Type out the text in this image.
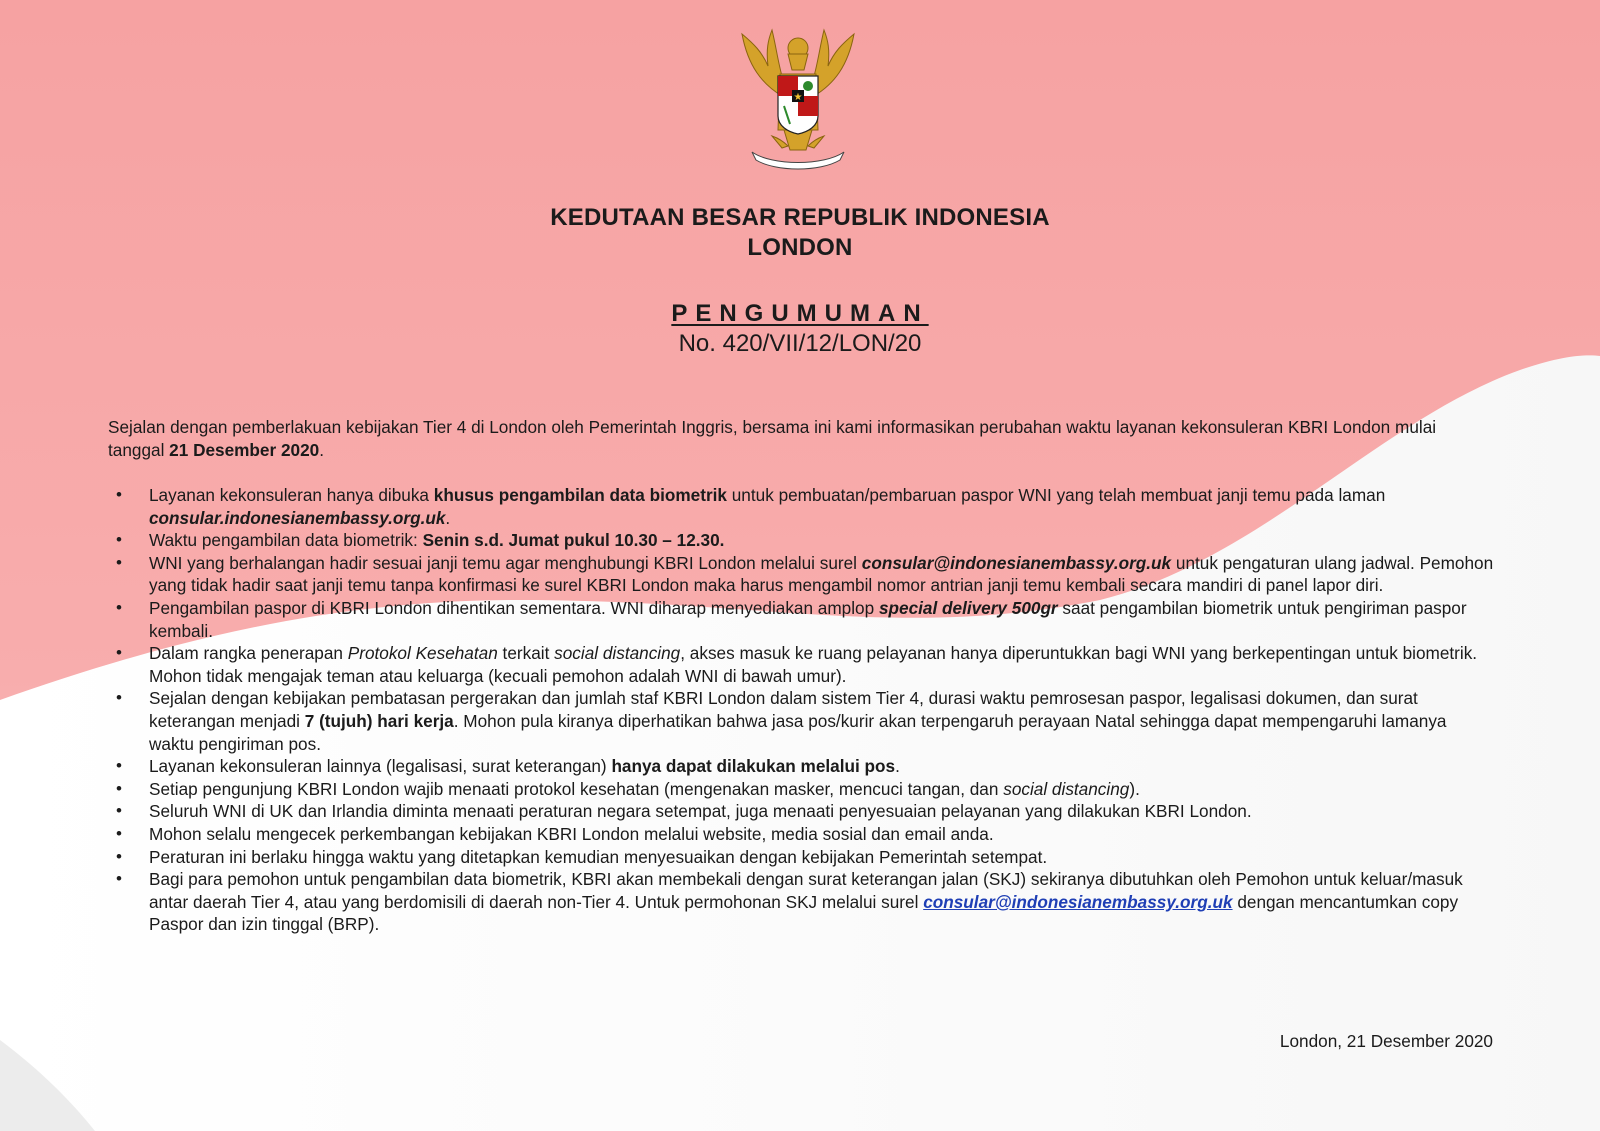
★
KEDUTAAN BESAR REPUBLIK INDONESIA
LONDON
PENGUMUMAN
No. 420/VII/12/LON/20
Sejalan dengan pemberlakuan kebijakan Tier 4 di London oleh Pemerintah Inggris, bersama ini kami informasikan perubahan waktu layanan kekonsuleran KBRI London mulai tanggal 21 Desember 2020.
• Layanan kekonsuleran hanya dibuka khusus pengambilan data biometrik untuk pembuatan/pembaruan paspor WNI yang telah membuat janji temu pada laman consular.indonesianembassy.org.uk.
• Waktu pengambilan data biometrik: Senin s.d. Jumat pukul 10.30 – 12.30.
• WNI yang berhalangan hadir sesuai janji temu agar menghubungi KBRI London melalui surel consular@indonesianembassy.org.uk untuk pengaturan ulang jadwal. Pemohon yang tidak hadir saat janji temu tanpa konfirmasi ke surel KBRI London maka harus mengambil nomor antrian janji temu kembali secara mandiri di panel lapor diri.
• Pengambilan paspor di KBRI London dihentikan sementara. WNI diharap menyediakan amplop special delivery 500gr saat pengambilan biometrik untuk pengiriman paspor kembali.
• Dalam rangka penerapan Protokol Kesehatan terkait social distancing, akses masuk ke ruang pelayanan hanya diperuntukkan bagi WNI yang berkepentingan untuk biometrik. Mohon tidak mengajak teman atau keluarga (kecuali pemohon adalah WNI di bawah umur).
• Sejalan dengan kebijakan pembatasan pergerakan dan jumlah staf KBRI London dalam sistem Tier 4, durasi waktu pemrosesan paspor, legalisasi dokumen, dan surat keterangan menjadi 7 (tujuh) hari kerja. Mohon pula kiranya diperhatikan bahwa jasa pos/kurir akan terpengaruh perayaan Natal sehingga dapat mempengaruhi lamanya waktu pengiriman pos.
• Layanan kekonsuleran lainnya (legalisasi, surat keterangan) hanya dapat dilakukan melalui pos.
• Setiap pengunjung KBRI London wajib menaati protokol kesehatan (mengenakan masker, mencuci tangan, dan social distancing).
• Seluruh WNI di UK dan Irlandia diminta menaati peraturan negara setempat, juga menaati penyesuaian pelayanan yang dilakukan KBRI London.
• Mohon selalu mengecek perkembangan kebijakan KBRI London melalui website, media sosial dan email anda.
• Peraturan ini berlaku hingga waktu yang ditetapkan kemudian menyesuaikan dengan kebijakan Pemerintah setempat.
• Bagi para pemohon untuk pengambilan data biometrik, KBRI akan membekali dengan surat keterangan jalan (SKJ) sekiranya dibutuhkan oleh Pemohon untuk keluar/masuk antar daerah Tier 4, atau yang berdomisili di daerah non-Tier 4. Untuk permohonan SKJ melalui surel consular@indonesianembassy.org.uk dengan mencantumkan copy Paspor dan izin tinggal (BRP).
London, 21 Desember 2020
